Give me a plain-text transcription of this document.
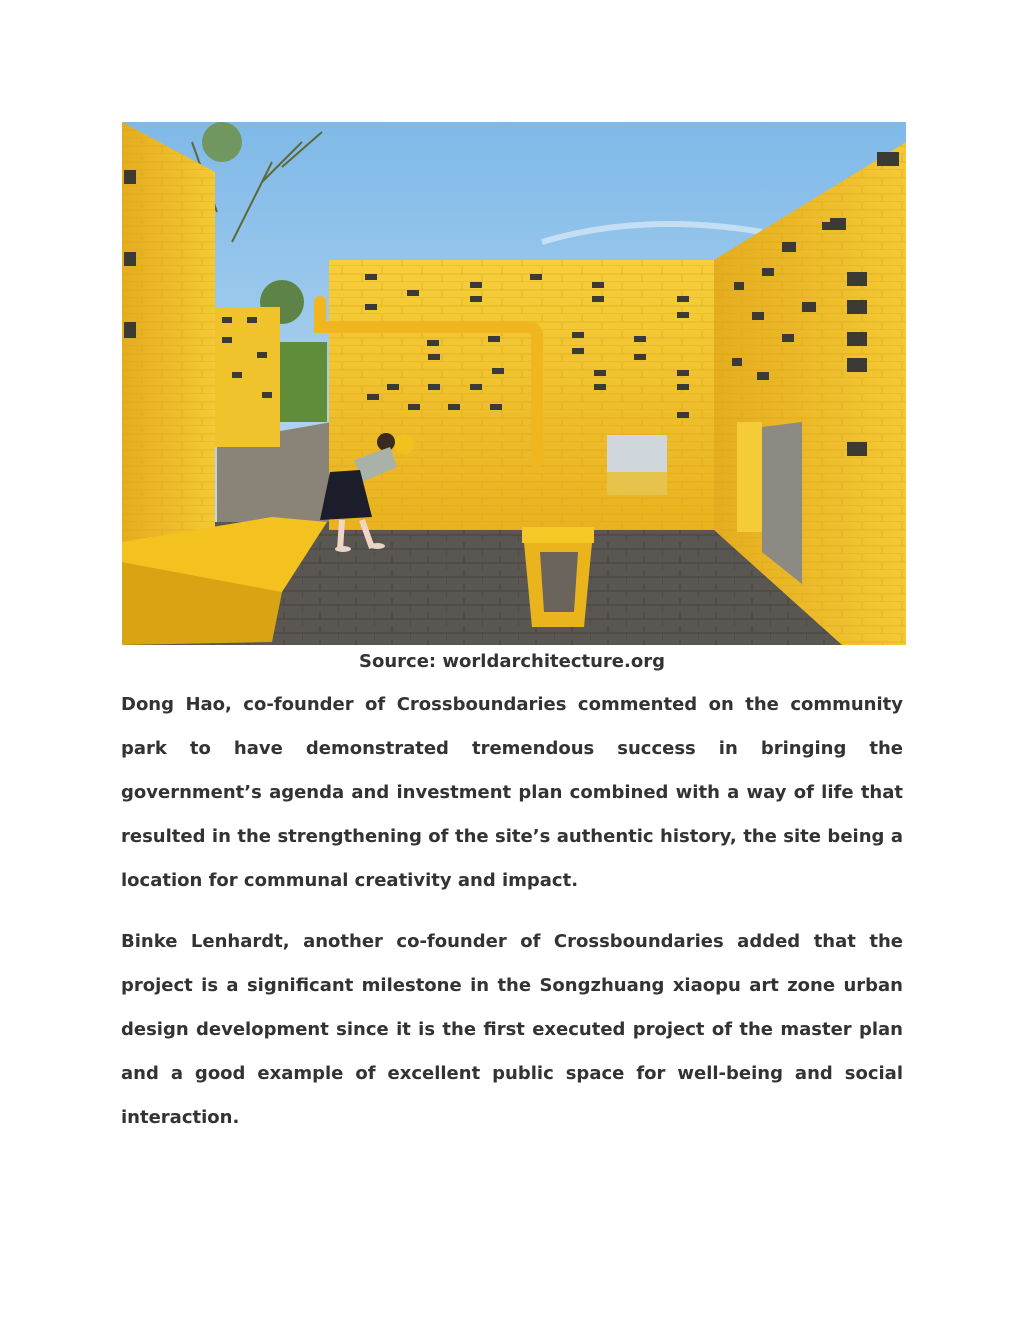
Source: worldarchitecture.org

Dong Hao, co-founder of Crossboundaries commented on the community park to have demonstrated tremendous success in bringing the government’s agenda and investment plan combined with a way of life that resulted in the strengthening of the site’s authentic history, the site being a location for communal creativity and impact.

Binke Lenhardt, another co-founder of Crossboundaries added that the project is a significant milestone in the Songzhuang xiaopu art zone urban design development since it is the first executed project of the master plan and a good example of excellent public space for well-being and social interaction.
